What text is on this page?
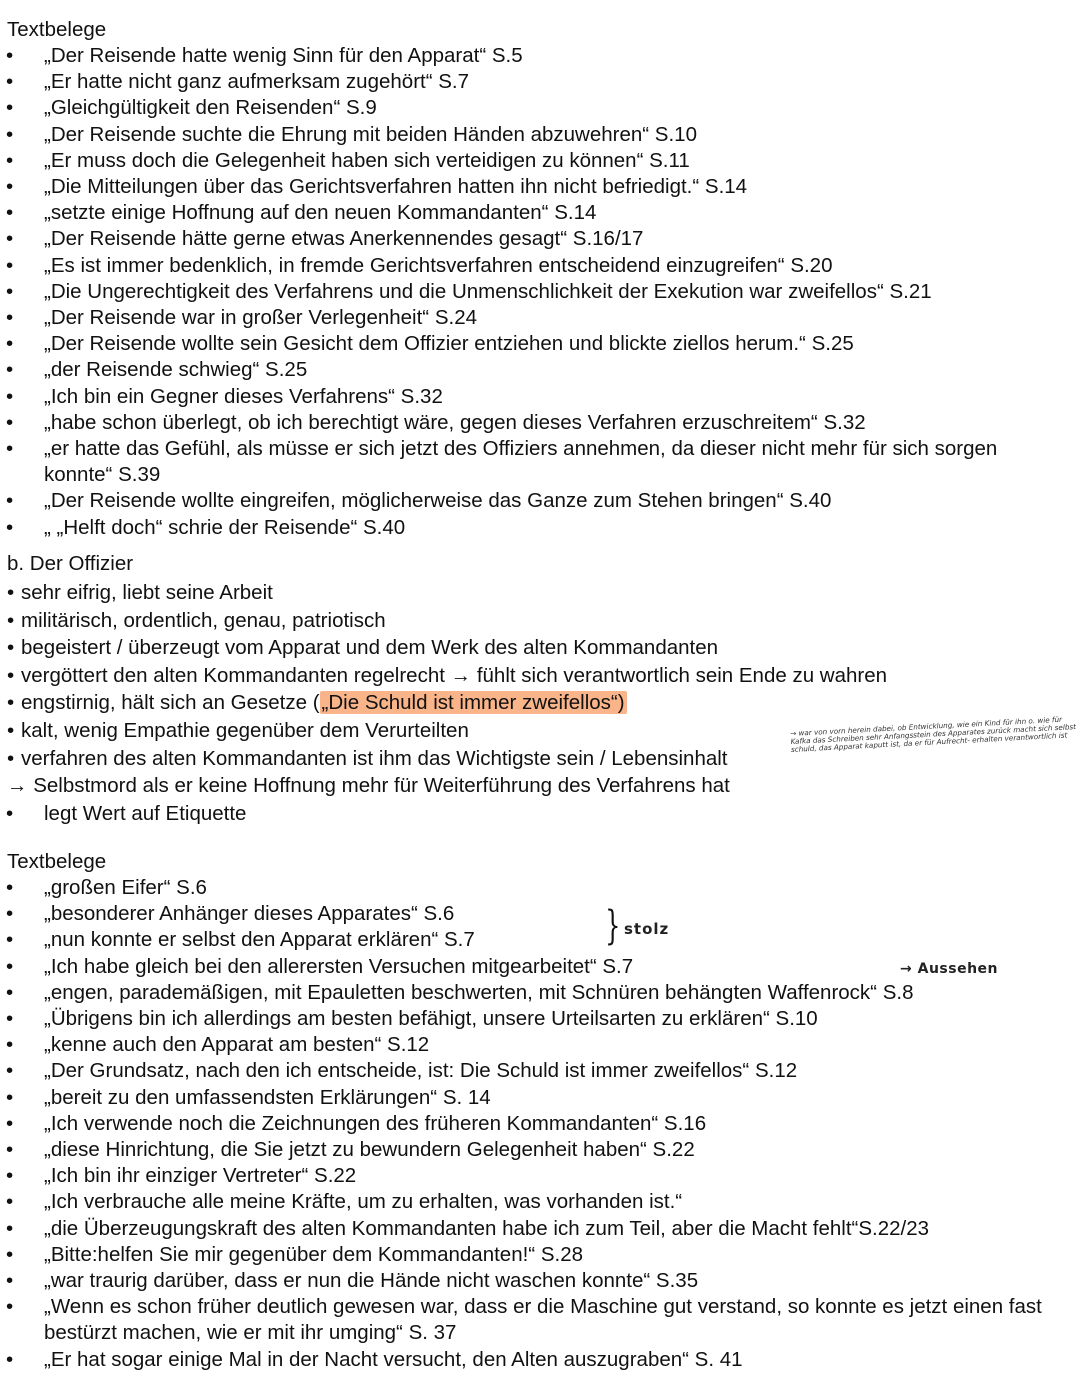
Textbelege
• „Der Reisende hatte wenig Sinn für den Apparat“ S.5
• „Er hatte nicht ganz aufmerksam zugehört“ S.7
• „Gleichgültigkeit den Reisenden“ S.9
• „Der Reisende suchte die Ehrung mit beiden Händen abzuwehren“ S.10
• „Er muss doch die Gelegenheit haben sich verteidigen zu können“ S.11
• „Die Mitteilungen über das Gerichtsverfahren hatten ihn nicht befriedigt.“ S.14
• „setzte einige Hoffnung auf den neuen Kommandanten“ S.14
• „Der Reisende hätte gerne etwas Anerkennendes gesagt“ S.16/17
• „Es ist immer bedenklich, in fremde Gerichtsverfahren entscheidend einzugreifen“ S.20
• „Die Ungerechtigkeit des Verfahrens und die Unmenschlichkeit der Exekution war zweifellos“ S.21
• „Der Reisende war in großer Verlegenheit“ S.24
• „Der Reisende wollte sein Gesicht dem Offizier entziehen und blickte ziellos herum.“ S.25
• „der Reisende schwieg“ S.25
• „Ich bin ein Gegner dieses Verfahrens“ S.32
• „habe schon überlegt, ob ich berechtigt wäre, gegen dieses Verfahren erzuschreitem“ S.32
• „er hatte das Gefühl, als müsse er sich jetzt des Offiziers annehmen, da dieser nicht mehr für sich sorgen konnte“ S.39
• „Der Reisende wollte eingreifen, möglicherweise das Ganze zum Stehen bringen“ S.40
• „ „Helft doch“ schrie der Reisende“ S.40
b. Der Offizier
• sehr eifrig, liebt seine Arbeit
• militärisch, ordentlich, genau, patriotisch
• begeistert / überzeugt vom Apparat und dem Werk des alten Kommandanten
• vergöttert den alten Kommandanten regelrecht → fühlt sich verantwortlich sein Ende zu wahren
• engstirnig, hält sich an Gesetze („Die Schuld ist immer zweifellos“)
• kalt, wenig Empathie gegenüber dem Verurteilten
• verfahren des alten Kommandanten ist ihm das Wichtigste sein / Lebensinhalt
→ Selbstmord als er keine Hoffnung mehr für Weiterführung des Verfahrens hat
• legt Wert auf Etiquette
→ war von vorn herein dabei, ob Entwicklung, wie ein Kind für ihn o. wie für Kafka das Schreiben sehr Anfangsstein des Apparates zurück macht sich selbst schuld, das Apparat kaputt ist, da er für Aufrecht- erhalten verantwortlich ist
Textbelege
• „großen Eifer“ S.6
• „besonderer Anhänger dieses Apparates“ S.6
• „nun konnte er selbst den Apparat erklären“ S.7
• „Ich habe gleich bei den allerersten Versuchen mitgearbeitet“ S.7
• „engen, parademäßigen, mit Epauletten beschwerten, mit Schnüren behängten Waffenrock“ S.8
• „Übrigens bin ich allerdings am besten befähigt, unsere Urteilsarten zu erklären“ S.10
• „kenne auch den Apparat am besten“ S.12
• „Der Grundsatz, nach den ich entscheide, ist: Die Schuld ist immer zweifellos“ S.12
• „bereit zu den umfassendsten Erklärungen“ S. 14
• „Ich verwende noch die Zeichnungen des früheren Kommandanten“ S.16
• „diese Hinrichtung, die Sie jetzt zu bewundern Gelegenheit haben“ S.22
• „Ich bin ihr einziger Vertreter“ S.22
• „Ich verbrauche alle meine Kräfte, um zu erhalten, was vorhanden ist.“
• „die Überzeugungskraft des alten Kommandanten habe ich zum Teil, aber die Macht fehlt“S.22/23
• „Bitte:helfen Sie mir gegenüber dem Kommandanten!“ S.28
• „war traurig darüber, dass er nun die Hände nicht waschen konnte“ S.35
• „Wenn es schon früher deutlich gewesen war, dass er die Maschine gut verstand, so konnte es jetzt einen fast bestürzt machen, wie er mit ihr umging“ S. 37
• „Er hat sogar einige Mal in der Nacht versucht, den Alten auszugraben“ S. 41
} stolz
→ Aussehen
